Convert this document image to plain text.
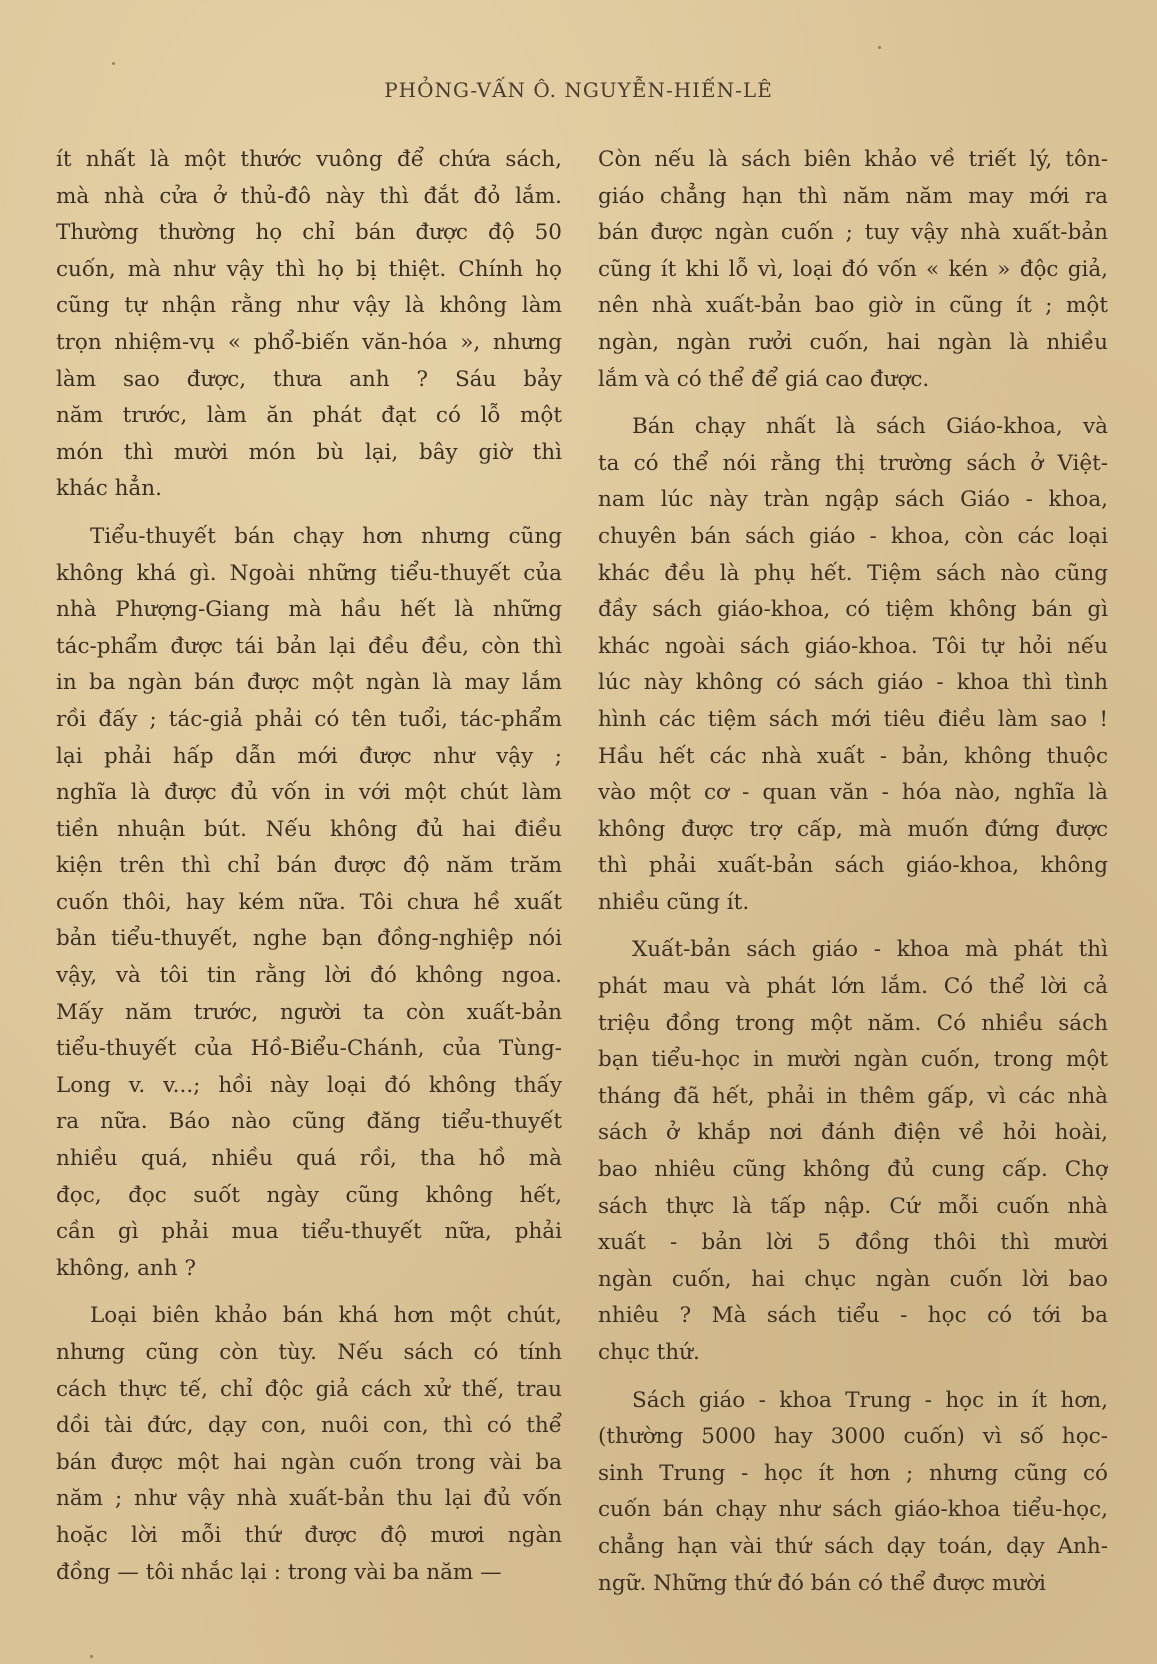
PHỎNG-VẤN Ô. NGUYỄN-HIẾN-LÊ
ít nhất là một thước vuông để chứa sách,
mà nhà cửa ở thủ-đô này thì đắt đỏ lắm.
Thường thường họ chỉ bán được độ 50
cuốn, mà như vậy thì họ bị thiệt. Chính họ
cũng tự nhận rằng như vậy là không làm
trọn nhiệm-vụ « phổ-biến văn-hóa », nhưng
làm sao được, thưa anh ? Sáu bảy
năm trước, làm ăn phát đạt có lỗ một
món thì mười món bù lại, bây giờ thì
khác hẳn.
Tiểu-thuyết bán chạy hơn nhưng cũng
không khá gì. Ngoài những tiểu-thuyết của
nhà Phượng-Giang mà hầu hết là những
tác-phẩm được tái bản lại đều đều, còn thì
in ba ngàn bán được một ngàn là may lắm
rồi đấy ; tác-giả phải có tên tuổi, tác-phẩm
lại phải hấp dẫn mới được như vậy ;
nghĩa là được đủ vốn in với một chút làm
tiền nhuận bút. Nếu không đủ hai điều
kiện trên thì chỉ bán được độ năm trăm
cuốn thôi, hay kém nữa. Tôi chưa hề xuất
bản tiểu-thuyết, nghe bạn đồng-nghiệp nói
vậy, và tôi tin rằng lời đó không ngoa.
Mấy năm trước, người ta còn xuất-bản
tiểu-thuyết của Hồ-Biểu-Chánh, của Tùng-
Long v. v...; hồi này loại đó không thấy
ra nữa. Báo nào cũng đăng tiểu-thuyết
nhiều quá, nhiều quá rồi, tha hồ mà
đọc, đọc suốt ngày cũng không hết,
cần gì phải mua tiểu-thuyết nữa, phải
không, anh ?
Loại biên khảo bán khá hơn một chút,
nhưng cũng còn tùy. Nếu sách có tính
cách thực tế, chỉ độc giả cách xử thế, trau
dồi tài đức, dạy con, nuôi con, thì có thể
bán được một hai ngàn cuốn trong vài ba
năm ; như vậy nhà xuất-bản thu lại đủ vốn
hoặc lời mỗi thứ được độ mươi ngàn
đồng — tôi nhắc lại : trong vài ba năm —
Còn nếu là sách biên khảo về triết lý, tôn-
giáo chẳng hạn thì năm năm may mới ra
bán được ngàn cuốn ; tuy vậy nhà xuất-bản
cũng ít khi lỗ vì, loại đó vốn « kén » độc giả,
nên nhà xuất-bản bao giờ in cũng ít ; một
ngàn, ngàn rưởi cuốn, hai ngàn là nhiều
lắm và có thể để giá cao được.
Bán chạy nhất là sách Giáo-khoa, và
ta có thể nói rằng thị trường sách ở Việt-
nam lúc này tràn ngập sách Giáo - khoa,
chuyên bán sách giáo - khoa, còn các loại
khác đều là phụ hết. Tiệm sách nào cũng
đầy sách giáo-khoa, có tiệm không bán gì
khác ngoài sách giáo-khoa. Tôi tự hỏi nếu
lúc này không có sách giáo - khoa thì tình
hình các tiệm sách mới tiêu điều làm sao !
Hầu hết các nhà xuất - bản, không thuộc
vào một cơ - quan văn - hóa nào, nghĩa là
không được trợ cấp, mà muốn đứng được
thì phải xuất-bản sách giáo-khoa, không
nhiều cũng ít.
Xuất-bản sách giáo - khoa mà phát thì
phát mau và phát lớn lắm. Có thể lời cả
triệu đồng trong một năm. Có nhiều sách
bạn tiểu-học in mười ngàn cuốn, trong một
tháng đã hết, phải in thêm gấp, vì các nhà
sách ở khắp nơi đánh điện về hỏi hoài,
bao nhiêu cũng không đủ cung cấp. Chợ
sách thực là tấp nập. Cứ mỗi cuốn nhà
xuất - bản lời 5 đồng thôi thì mười
ngàn cuốn, hai chục ngàn cuốn lời bao
nhiêu ? Mà sách tiểu - học có tới ba
chục thứ.
Sách giáo - khoa Trung - học in ít hơn,
(thường 5000 hay 3000 cuốn) vì số học-
sinh Trung - học ít hơn ; nhưng cũng có
cuốn bán chạy như sách giáo-khoa tiểu-học,
chẳng hạn vài thứ sách dạy toán, dạy Anh-
ngữ. Những thứ đó bán có thể được mười
